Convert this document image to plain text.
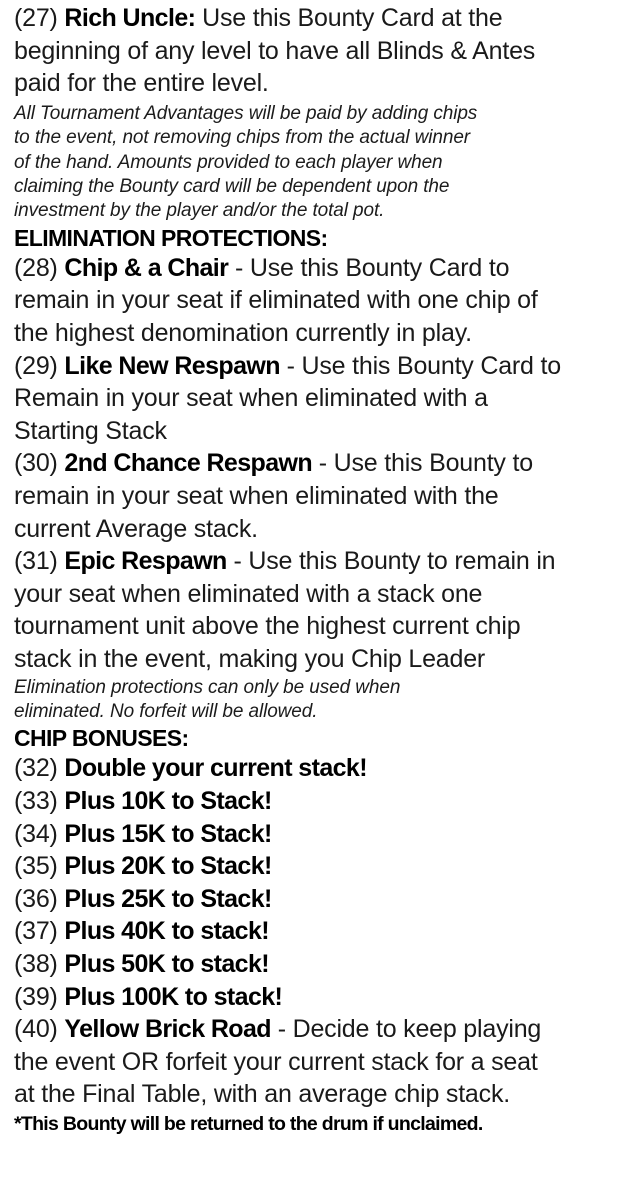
(27) Rich Uncle: Use this Bounty Card at the
beginning of any level to have all Blinds & Antes
paid for the entire level.
All Tournament Advantages will be paid by adding chips
to the event, not removing chips from the actual winner
of the hand. Amounts provided to each player when
claiming the Bounty card will be dependent upon the
investment by the player and/or the total pot.
ELIMINATION PROTECTIONS:
(28) Chip & a Chair - Use this Bounty Card to
remain in your seat if eliminated with one chip of
the highest denomination currently in play.
(29) Like New Respawn - Use this Bounty Card to
Remain in your seat when eliminated with a
Starting Stack
(30) 2nd Chance Respawn - Use this Bounty to
remain in your seat when eliminated with the
current Average stack.
(31) Epic Respawn - Use this Bounty to remain in
your seat when eliminated with a stack one
tournament unit above the highest current chip
stack in the event, making you Chip Leader
Elimination protections can only be used when
eliminated. No forfeit will be allowed.
CHIP BONUSES:
(32) Double your current stack!
(33) Plus 10K to Stack!
(34) Plus 15K to Stack!
(35) Plus 20K to Stack!
(36) Plus 25K to Stack!
(37) Plus 40K to stack!
(38) Plus 50K to stack!
(39) Plus 100K to stack!
(40) Yellow Brick Road - Decide to keep playing
the event OR forfeit your current stack for a seat
at the Final Table, with an average chip stack.
*This Bounty will be returned to the drum if unclaimed.
